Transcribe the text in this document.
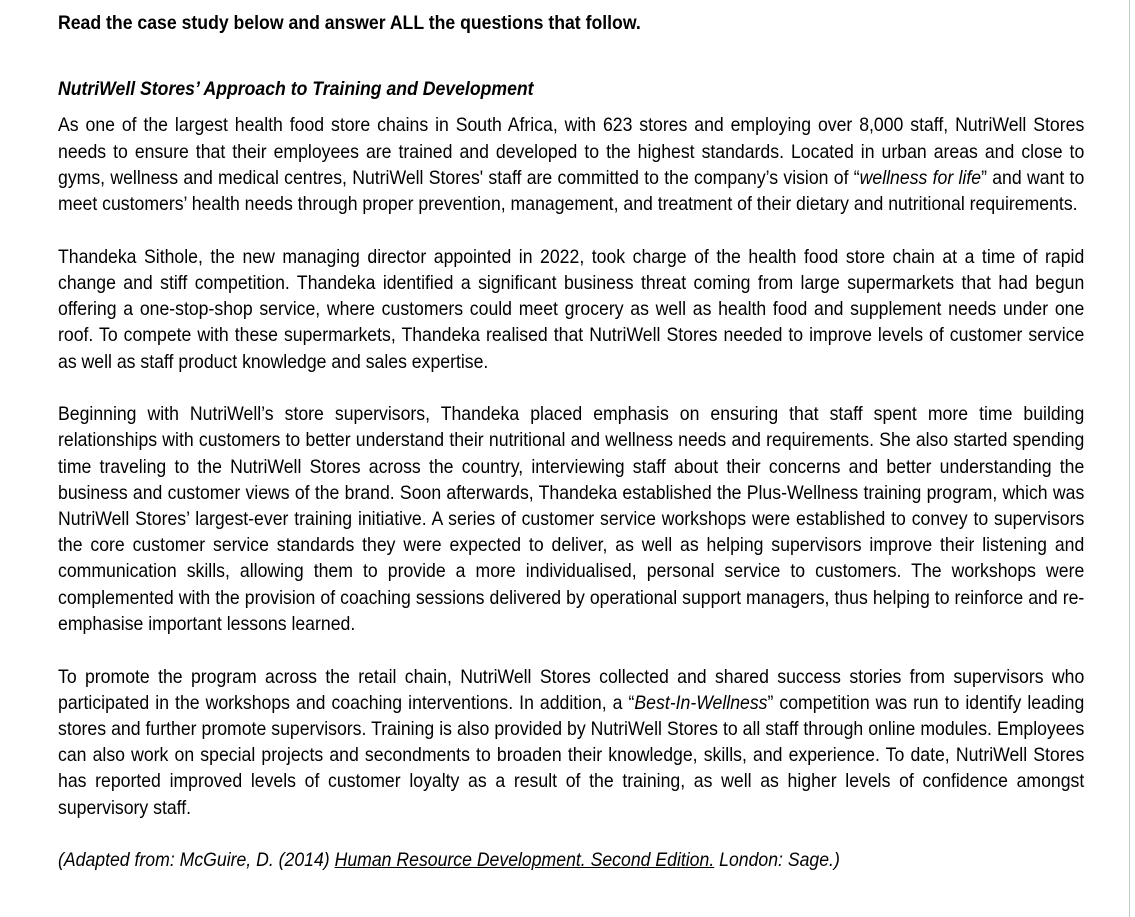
Read the case study below and answer ALL the questions that follow.

NutriWell Stores’ Approach to Training and Development

As one of the largest health food store chains in South Africa, with 623 stores and employing over 8,000 staff, NutriWell Stores needs to ensure that their employees are trained and developed to the highest standards. Located in urban areas and close to gyms, wellness and medical centres, NutriWell Stores' staff are committed to the company’s vision of “wellness for life” and want to meet customers’ health needs through proper prevention, management, and treatment of their dietary and nutritional requirements.

Thandeka Sithole, the new managing director appointed in 2022, took charge of the health food store chain at a time of rapid change and stiff competition. Thandeka identified a significant business threat coming from large supermarkets that had begun offering a one-stop-shop service, where customers could meet grocery as well as health food and supplement needs under one roof. To compete with these supermarkets, Thandeka realised that NutriWell Stores needed to improve levels of customer service as well as staff product knowledge and sales expertise.

Beginning with NutriWell’s store supervisors, Thandeka placed emphasis on ensuring that staff spent more time building relationships with customers to better understand their nutritional and wellness needs and requirements. She also started spending time traveling to the NutriWell Stores across the country, interviewing staff about their concerns and better understanding the business and customer views of the brand. Soon afterwards, Thandeka established the Plus-Wellness training program, which was NutriWell Stores’ largest-ever training initiative. A series of customer service workshops were established to convey to supervisors the core customer service standards they were expected to deliver, as well as helping supervisors improve their listening and communication skills, allowing them to provide a more individualised, personal service to customers. The workshops were complemented with the provision of coaching sessions delivered by operational support managers, thus helping to reinforce and re-emphasise important lessons learned.

To promote the program across the retail chain, NutriWell Stores collected and shared success stories from supervisors who participated in the workshops and coaching interventions. In addition, a “Best-In-Wellness” competition was run to identify leading stores and further promote supervisors. Training is also provided by NutriWell Stores to all staff through online modules. Employees can also work on special projects and secondments to broaden their knowledge, skills, and experience. To date, NutriWell Stores has reported improved levels of customer loyalty as a result of the training, as well as higher levels of confidence amongst supervisory staff.

(Adapted from: McGuire, D. (2014) Human Resource Development. Second Edition. London: Sage.)
